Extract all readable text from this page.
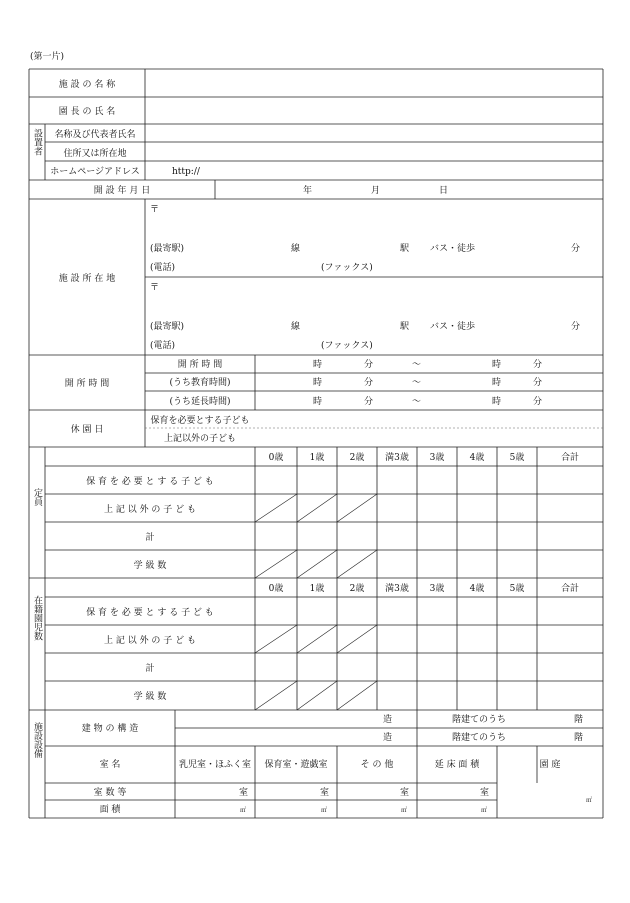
(第一片)
施 設 の 名 称
園 長 の 氏 名
設置者 名称及び代表者氏名
住所又は所在地
ホームページアドレス	http://
開 設 年 月 日	年	月	日
施 設 所 在 地
〒
(最寄駅)	線	駅 バス・徒歩	分
(電話)	(ファックス)
〒
(最寄駅)	線	駅 バス・徒歩	分
(電話)	(ファックス)
開 所 時 間
開 所 時 間	時	分	～	時	分
(うち教育時間)	時	分	～	時	分
(うち延長時間)	時	分	～	時	分
休 園 日
保育を必要とする子ども
上記以外の子ども
定員
0歳	1歳	2歳 満3歳 3歳	4歳	5歳	合計
保 育 を 必 要 と す る 子 ど も
上 記 以 外 の 子 ど も
計
学 級 数
在籍園児数
0歳	1歳	2歳 満3歳 3歳	4歳	5歳	合計
保 育 を 必 要 と す る 子 ど も
上 記 以 外 の 子 ど も
計
学 級 数
施設設備	建 物 の 構 造
造	階建てのうち	階
造	階建てのうち	階
室 名	乳児室・ほふく室 保育室・遊戯室	そ の 他	延 床 面 積	園 庭
室 数 等	室	室	室	室
面 積	㎡	㎡	㎡	㎡
㎡
